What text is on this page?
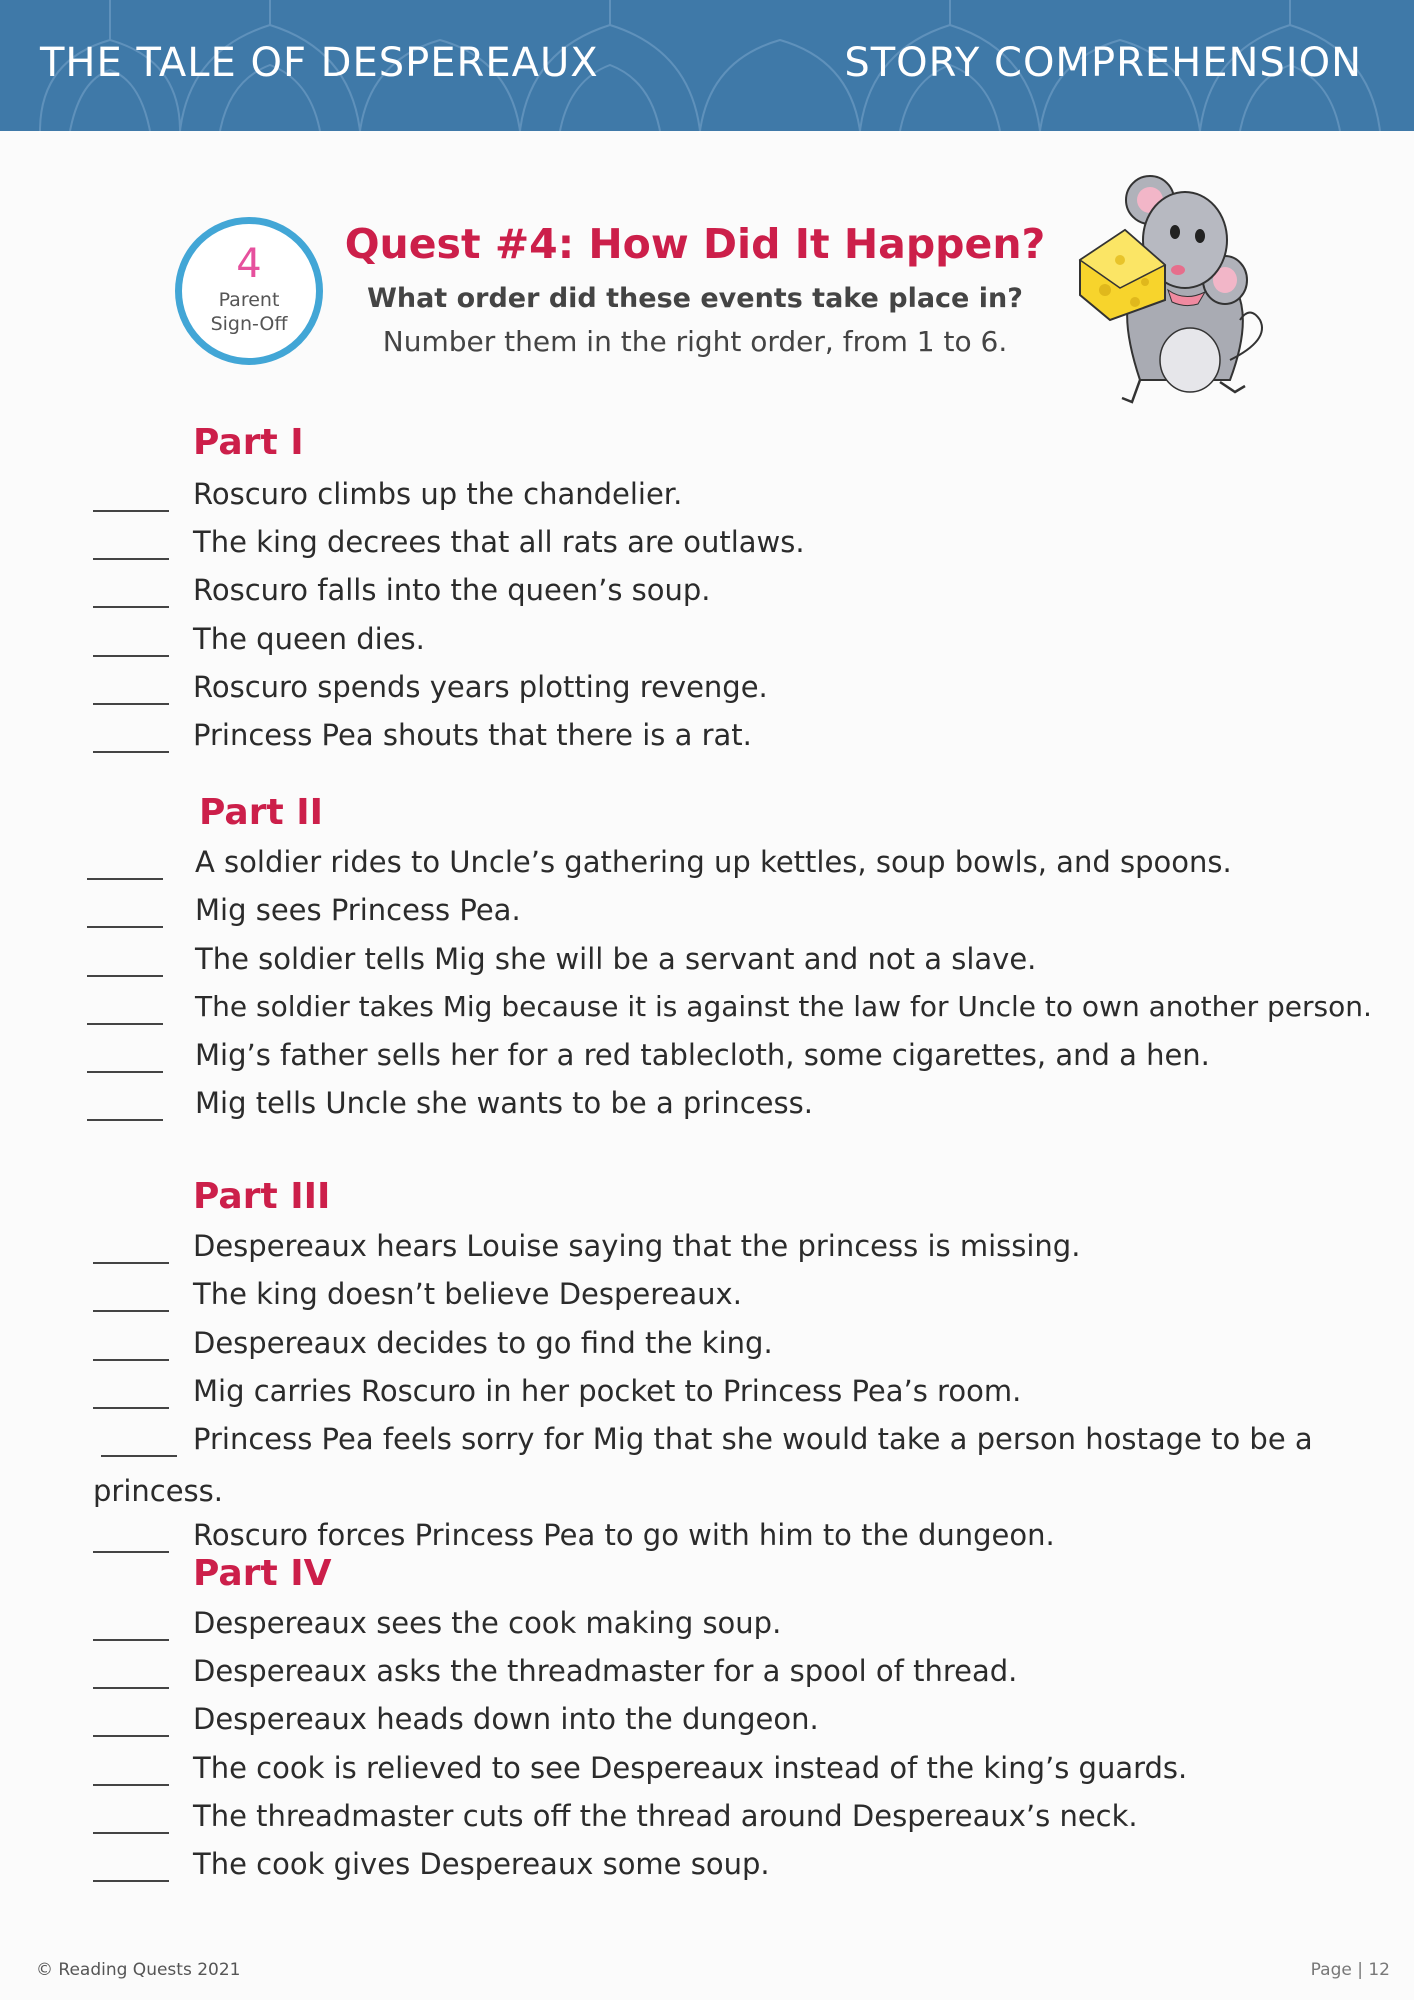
THE TALE OF DESPEREAUX	STORY COMPREHENSION
4
Parent Sign-Off
Quest #4: How Did It Happen?
What order did these events take place in?
Number them in the right order, from 1 to 6.
Part I
Roscuro climbs up the chandelier.
The king decrees that all rats are outlaws.
Roscuro falls into the queen’s soup.
The queen dies.
Roscuro spends years plotting revenge.
Princess Pea shouts that there is a rat.
Part II
A soldier rides to Uncle’s gathering up kettles, soup bowls, and spoons.
Mig sees Princess Pea.
The soldier tells Mig she will be a servant and not a slave.
The soldier takes Mig because it is against the law for Uncle to own another person.
Mig’s father sells her for a red tablecloth, some cigarettes, and a hen.
Mig tells Uncle she wants to be a princess.
Part III
Despereaux hears Louise saying that the princess is missing.
The king doesn’t believe Despereaux.
Despereaux decides to go find the king.
Mig carries Roscuro in her pocket to Princess Pea’s room.
Princess Pea feels sorry for Mig that she would take a person hostage to be a
princess.
Roscuro forces Princess Pea to go with him to the dungeon.
Part IV
Despereaux sees the cook making soup.
Despereaux asks the threadmaster for a spool of thread.
Despereaux heads down into the dungeon.
The cook is relieved to see Despereaux instead of the king’s guards.
The threadmaster cuts off the thread around Despereaux’s neck.
The cook gives Despereaux some soup.
© Reading Quests 2021	Page | 12
